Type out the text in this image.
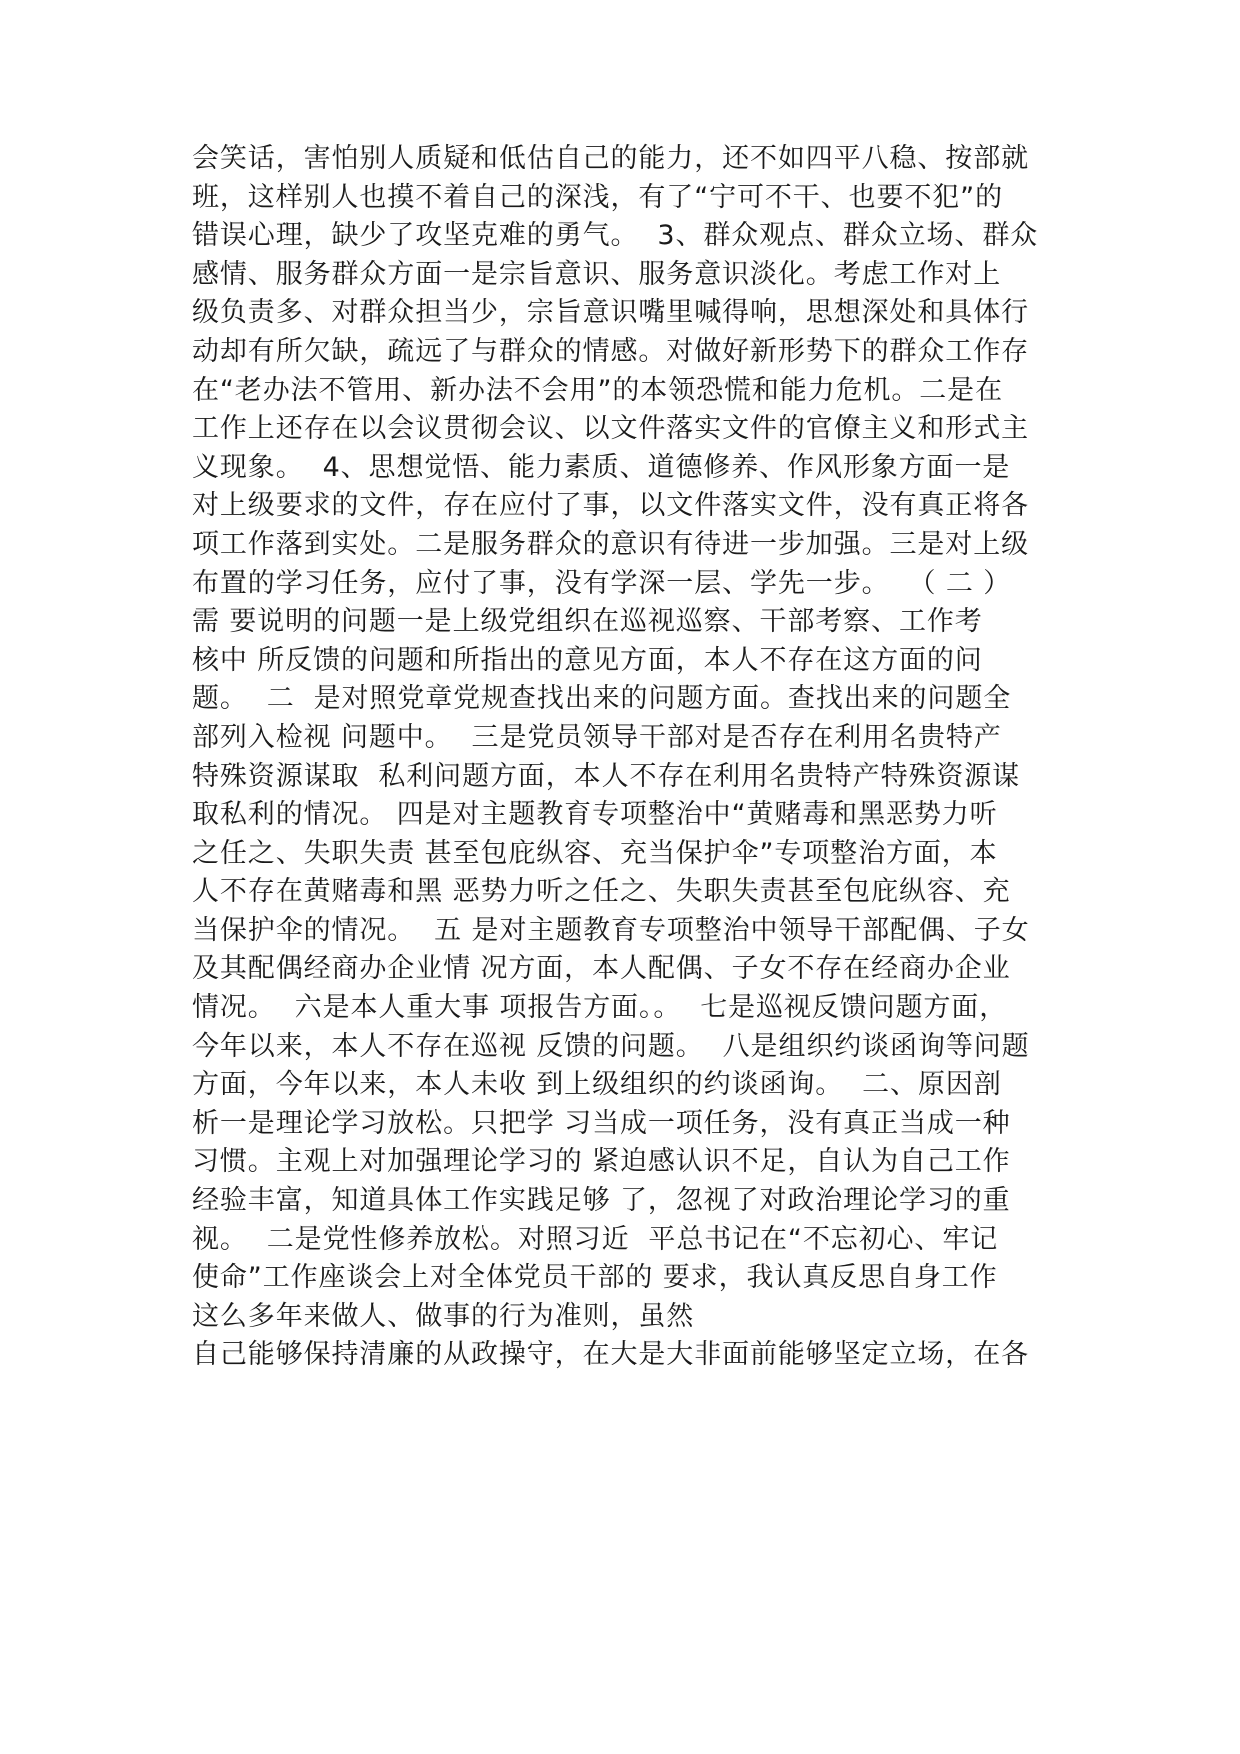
会笑话，害怕别人质疑和低估自己的能力，还不如四平八稳、按部就
班，这样别人也摸不着自己的深浅，有了“宁可不干、也要不犯”的
错误心理，缺少了攻坚克难的勇气。  3、群众观点、群众立场、群众
感情、服务群众方面一是宗旨意识、服务意识淡化。考虑工作对上
级负责多、对群众担当少，宗旨意识嘴里喊得响，思想深处和具体行
动却有所欠缺，疏远了与群众的情感。对做好新形势下的群众工作存
在“老办法不管用、新办法不会用”的本领恐慌和能力危机。二是在
工作上还存在以会议贯彻会议、以文件落实文件的官僚主义和形式主
义现象。  4、思想觉悟、能力素质、道德修养、作风形象方面一是
对上级要求的文件，存在应付了事，以文件落实文件，没有真正将各
项工作落到实处。二是服务群众的意识有待进一步加强。三是对上级
布置的学习任务，应付了事，没有学深一层、学先一步。  （ 二 ）
需 要说明的问题一是上级党组织在巡视巡察、干部考察、工作考
核中 所反馈的问题和所指出的意见方面，本人不存在这方面的问
题。  二  是对照党章党规查找出来的问题方面。查找出来的问题全
部列入检视 问题中。  三是党员领导干部对是否存在利用名贵特产
特殊资源谋取  私利问题方面，本人不存在利用名贵特产特殊资源谋
取私利的情况。 四是对主题教育专项整治中“黄赌毒和黑恶势力听
之任之、失职失责 甚至包庇纵容、充当保护伞”专项整治方面，本
人不存在黄赌毒和黑 恶势力听之任之、失职失责甚至包庇纵容、充
当保护伞的情况。  五 是对主题教育专项整治中领导干部配偶、子女
及其配偶经商办企业情 况方面，本人配偶、子女不存在经商办企业
情况。  六是本人重大事 项报告方面。。  七是巡视反馈问题方面，
今年以来，本人不存在巡视 反馈的问题。  八是组织约谈函询等问题
方面，今年以来，本人未收 到上级组织的约谈函询。  二、原因剖
析一是理论学习放松。只把学 习当成一项任务，没有真正当成一种
习惯。主观上对加强理论学习的 紧迫感认识不足，自认为自己工作
经验丰富，知道具体工作实践足够 了，忽视了对政治理论学习的重
视。  二是党性修养放松。对照习近  平总书记在“不忘初心、牢记
使命”工作座谈会上对全体党员干部的 要求，我认真反思自身工作
这么多年来做人、做事的行为准则，虽然
自己能够保持清廉的从政操守，在大是大非面前能够坚定立场，在各
